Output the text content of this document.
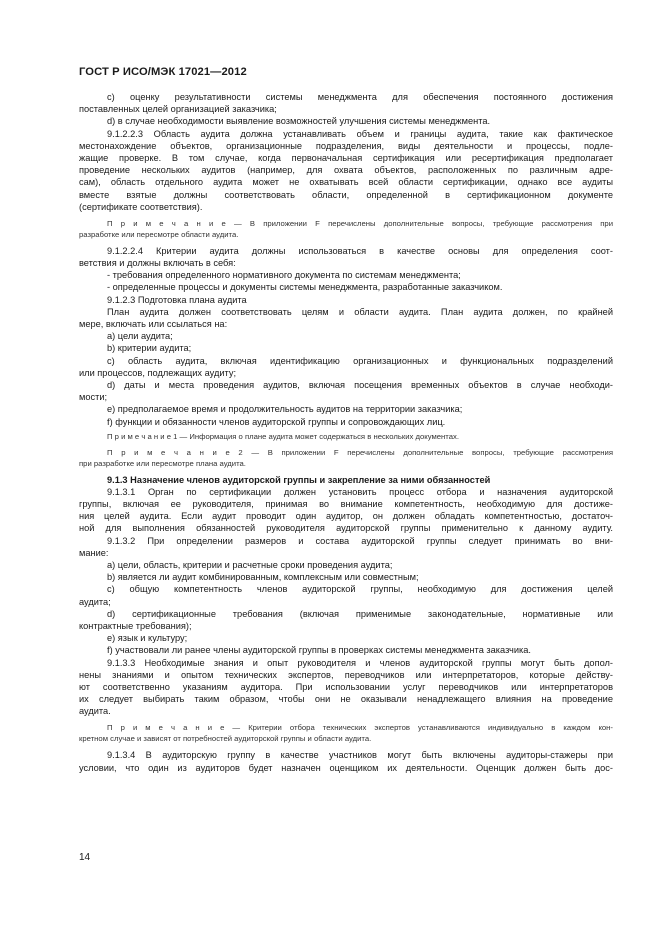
ГОСТ Р ИСО/МЭК 17021—2012
c) оценку результативности системы менеджмента для обеспечения постоянного достижения
поставленных целей организацией заказчика;
d) в случае необходимости выявление возможностей улучшения системы менеджмента.
9.1.2.2.3 Область аудита должна устанавливать объем и границы аудита, такие как фактическое
местонахождение объектов, организационные подразделения, виды деятельности и процессы, подле-
жащие проверке. В том случае, когда первоначальная сертификация или ресертификация предполагает
проведение нескольких аудитов (например, для охвата объектов, расположенных по различным адре-
сам), область отдельного аудита может не охватывать всей области сертификации, однако все аудиты
вместе взятые должны соответствовать области, определенной в сертификационном документе
(сертификате соответствия).
П р и м е ч а н и е — В приложении F перечислены дополнительные вопросы, требующие рассмотрения при
разработке или пересмотре области аудита.
9.1.2.2.4 Критерии аудита должны использоваться в качестве основы для определения соот-
ветствия и должны включать в себя:
- требования определенного нормативного документа по системам менеджмента;
- определенные процессы и документы системы менеджмента, разработанные заказчиком.
9.1.2.3 Подготовка плана аудита
План аудита должен соответствовать целям и области аудита. План аудита должен, по крайней
мере, включать или ссылаться на:
a) цели аудита;
b) критерии аудита;
c) область аудита, включая идентификацию организационных и функциональных подразделений
или процессов, подлежащих аудиту;
d) даты и места проведения аудитов, включая посещения временных объектов в случае необходи-
мости;
e) предполагаемое время и продолжительность аудитов на территории заказчика;
f) функции и обязанности членов аудиторской группы и сопровождающих лиц.
П р и м е ч а н и е 1 — Информация о плане аудита может содержаться в нескольких документах.
П р и м е ч а н и е 2 — В приложении F перечислены дополнительные вопросы, требующие рассмотрения
при разработке или пересмотре плана аудита.
9.1.3 Назначение членов аудиторской группы и закрепление за ними обязанностей
9.1.3.1 Орган по сертификации должен установить процесс отбора и назначения аудиторской
группы, включая ее руководителя, принимая во внимание компетентность, необходимую для достиже-
ния целей аудита. Если аудит проводит один аудитор, он должен обладать компетентностью, достаточ-
ной для выполнения обязанностей руководителя аудиторской группы применительно к данному аудиту.
9.1.3.2 При определении размеров и состава аудиторской группы следует принимать во вни-
мание:
a) цели, область, критерии и расчетные сроки проведения аудита;
b) является ли аудит комбинированным, комплексным или совместным;
c) общую компетентность членов аудиторской группы, необходимую для достижения целей
аудита;
d) сертификационные требования (включая применимые законодательные, нормативные или
контрактные требования);
e) язык и культуру;
f) участвовали ли ранее члены аудиторской группы в проверках системы менеджмента заказчика.
9.1.3.3 Необходимые знания и опыт руководителя и членов аудиторской группы могут быть допол-
нены знаниями и опытом технических экспертов, переводчиков или интерпретаторов, которые действу-
ют соответственно указаниям аудитора. При использовании услуг переводчиков или интерпретаторов
их следует выбирать таким образом, чтобы они не оказывали ненадлежащего влияния на проведение
аудита.
П р и м е ч а н и е — Критерии отбора технических экспертов устанавливаются индивидуально в каждом кон-
кретном случае и зависят от потребностей аудиторской группы и области аудита.
9.1.3.4 В аудиторскую группу в качестве участников могут быть включены аудиторы-стажеры при
условии, что один из аудиторов будет назначен оценщиком их деятельности. Оценщик должен быть дос-
14
